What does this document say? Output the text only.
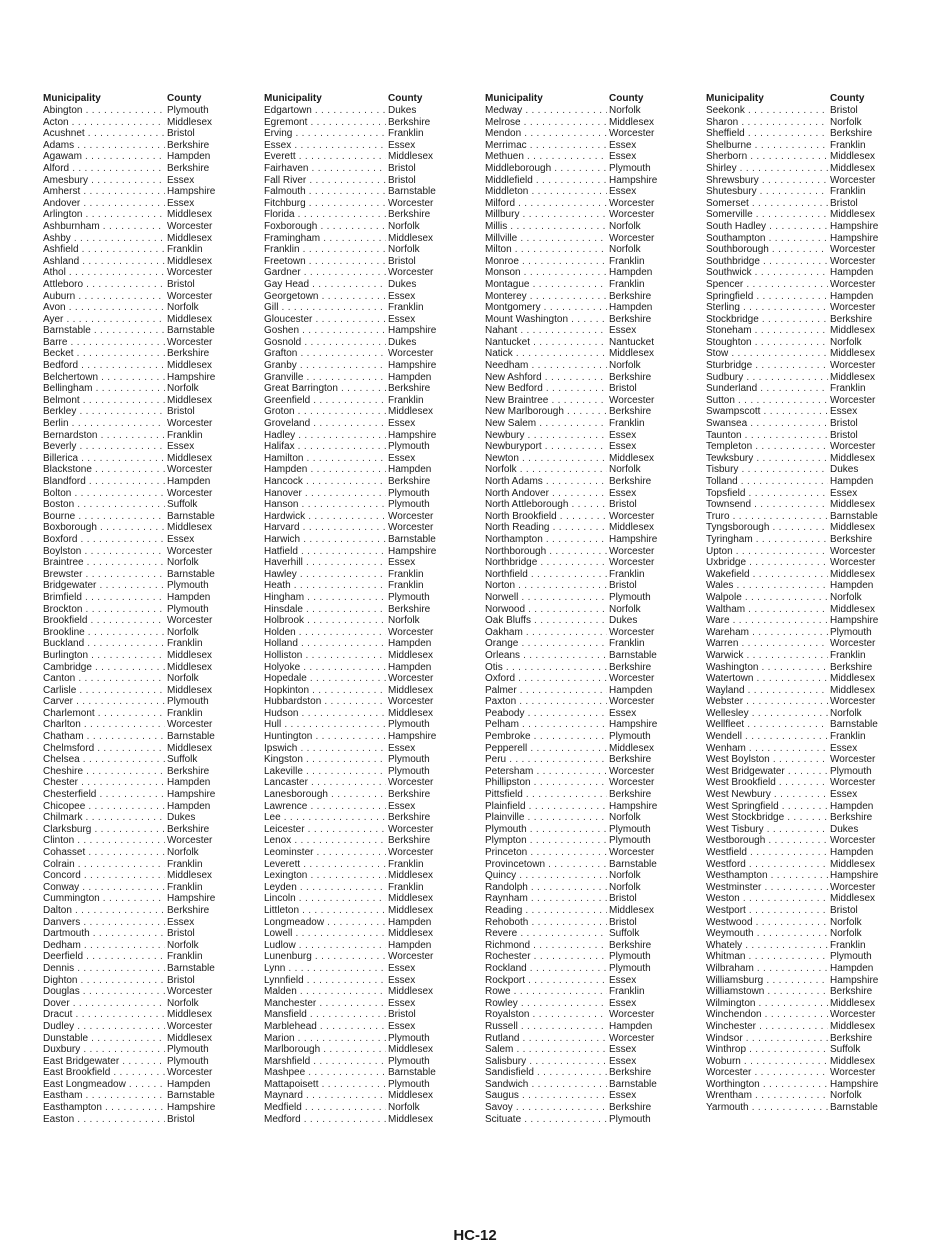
Municipality	County
Abington . . .	Plymouth
Acton . . .	Middlesex
Acushnet . . .	Bristol
Adams . . .	Berkshire
Agawam . . .	Hampden
Alford . . .	Berkshire
Amesbury . . .	Essex
Amherst . . .	Hampshire
Andover . . .	Essex
Arlington . . .	Middlesex
Ashburnham . . .	Worcester
Ashby . . .	Middlesex
Ashfield . . .	Franklin
Ashland . . .	Middlesex
Athol . . .	Worcester
Attleboro . . .	Bristol
Auburn . . .	Worcester
Avon . . .	Norfolk
Ayer . . .	Middlesex
Barnstable . . .	Barnstable
Barre . . .	Worcester
Becket . . .	Berkshire
Bedford . . .	Middlesex
Belchertown . . .	Hampshire
Bellingham . . .	Norfolk
Belmont . . .	Middlesex
Berkley . . .	Bristol
Berlin . . .	Worcester
Bernardston . . .	Franklin
Beverly . . .	Essex
Billerica . . .	Middlesex
Blackstone . . .	Worcester
Blandford . . .	Hampden
Bolton . . .	Worcester
Boston . . .	Suffolk
Bourne . . .	Barnstable
Boxborough . . .	Middlesex
Boxford . . .	Essex
Boylston . . .	Worcester
Braintree . . .	Norfolk
Brewster . . .	Barnstable
Bridgewater . . .	Plymouth
Brimfield . . .	Hampden
Brockton . . .	Plymouth
Brookfield . . .	Worcester
Brookline . . .	Norfolk
Buckland . . .	Franklin
Burlington . . .	Middlesex
Cambridge . . .	Middlesex
Canton . . .	Norfolk
Carlisle . . .	Middlesex
Carver . . .	Plymouth
Charlemont . . .	Franklin
Charlton . . .	Worcester
Chatham . . .	Barnstable
Chelmsford . . .	Middlesex
Chelsea . . .	Suffolk
Cheshire . . .	Berkshire
Chester . . .	Hampden
Chesterfield . . .	Hampshire
Chicopee . . .	Hampden
Chilmark . . .	Dukes
Clarksburg . . .	Berkshire
Clinton . . .	Worcester
Cohasset . . .	Norfolk
Colrain . . .	Franklin
Concord . . .	Middlesex
Conway . . .	Franklin
Cummington . . .	Hampshire
Dalton . . .	Berkshire
Danvers . . .	Essex
Dartmouth . . .	Bristol
Dedham . . .	Norfolk
Deerfield . . .	Franklin
Dennis . . .	Barnstable
Dighton . . .	Bristol
Douglas . . .	Worcester
Dover . . .	Norfolk
Dracut . . .	Middlesex
Dudley . . .	Worcester
Dunstable . . .	Middlesex
Duxbury . . .	Plymouth
East Bridgewater . . .	Plymouth
East Brookfield . . .	Worcester
East Longmeadow . . .	Hampden
Eastham . . .	Barnstable
Easthampton . . .	Hampshire
Easton . . .	Bristol
Municipality	County
Edgartown . . .	Dukes
Egremont . . .	Berkshire
Erving . . .	Franklin
Essex . . .	Essex
Everett . . .	Middlesex
Fairhaven . . .	Bristol
Fall River . . .	Bristol
Falmouth . . .	Barnstable
Fitchburg . . .	Worcester
Florida . . .	Berkshire
Foxborough . . .	Norfolk
Framingham . . .	Middlesex
Franklin . . .	Norfolk
Freetown . . .	Bristol
Gardner . . .	Worcester
Gay Head . . .	Dukes
Georgetown . . .	Essex
Gill . . .	Franklin
Gloucester . . .	Essex
Goshen . . .	Hampshire
Gosnold . . .	Dukes
Grafton . . .	Worcester
Granby . . .	Hampshire
Granville . . .	Hampden
Great Barrington . . .	Berkshire
Greenfield . . .	Franklin
Groton . . .	Middlesex
Groveland . . .	Essex
Hadley . . .	Hampshire
Halifax . . .	Plymouth
Hamilton . . .	Essex
Hampden . . .	Hampden
Hancock . . .	Berkshire
Hanover . . .	Plymouth
Hanson . . .	Plymouth
Hardwick . . .	Worcester
Harvard . . .	Worcester
Harwich . . .	Barnstable
Hatfield . . .	Hampshire
Haverhill . . .	Essex
Hawley . . .	Franklin
Heath . . .	Franklin
Hingham . . .	Plymouth
Hinsdale . . .	Berkshire
Holbrook . . .	Norfolk
Holden . . .	Worcester
Holland . . .	Hampden
Holliston . . .	Middlesex
Holyoke . . .	Hampden
Hopedale . . .	Worcester
Hopkinton . . .	Middlesex
Hubbardston . . .	Worcester
Hudson . . .	Middlesex
Hull . . .	Plymouth
Huntington . . .	Hampshire
Ipswich . . .	Essex
Kingston . . .	Plymouth
Lakeville . . .	Plymouth
Lancaster . . .	Worcester
Lanesborough . . .	Berkshire
Lawrence . . .	Essex
Lee . . .	Berkshire
Leicester . . .	Worcester
Lenox . . .	Berkshire
Leominster . . .	Worcester
Leverett . . .	Franklin
Lexington . . .	Middlesex
Leyden . . .	Franklin
Lincoln . . .	Middlesex
Littleton . . .	Middlesex
Longmeadow . . .	Hampden
Lowell . . .	Middlesex
Ludlow . . .	Hampden
Lunenburg . . .	Worcester
Lynn . . .	Essex
Lynnfield . . .	Essex
Malden . . .	Middlesex
Manchester . . .	Essex
Mansfield . . .	Bristol
Marblehead . . .	Essex
Marion . . .	Plymouth
Marlborough . . .	Middlesex
Marshfield . . .	Plymouth
Mashpee . . .	Barnstable
Mattapoisett . . .	Plymouth
Maynard . . .	Middlesex
Medfield . . .	Norfolk
Medford . . .	Middlesex
Municipality	County
Medway . . .	Norfolk
Melrose . . .	Middlesex
Mendon . . .	Worcester
Merrimac . . .	Essex
Methuen . . .	Essex
Middleborough . . .	Plymouth
Middlefield . . .	Hampshire
Middleton . . .	Essex
Milford . . .	Worcester
Millbury . . .	Worcester
Millis . . .	Norfolk
Millville . . .	Worcester
Milton . . .	Norfolk
Monroe . . .	Franklin
Monson . . .	Hampden
Montague . . .	Franklin
Monterey . . .	Berkshire
Montgomery . . .	Hampden
Mount Washington . . .	Berkshire
Nahant . . .	Essex
Nantucket . . .	Nantucket
Natick . . .	Middlesex
Needham . . .	Norfolk
New Ashford . . .	Berkshire
New Bedford . . .	Bristol
New Braintree . . .	Worcester
New Marlborough . . .	Berkshire
New Salem . . .	Franklin
Newbury . . .	Essex
Newburyport . . .	Essex
Newton . . .	Middlesex
Norfolk . . .	Norfolk
North Adams . . .	Berkshire
North Andover . . .	Essex
North Attleborough . . .	Bristol
North Brookfield . . .	Worcester
North Reading . . .	Middlesex
Northampton . . .	Hampshire
Northborough . . .	Worcester
Northbridge . . .	Worcester
Northfield . . .	Franklin
Norton . . .	Bristol
Norwell . . .	Plymouth
Norwood . . .	Norfolk
Oak Bluffs . . .	Dukes
Oakham . . .	Worcester
Orange . . .	Franklin
Orleans . . .	Barnstable
Otis . . .	Berkshire
Oxford . . .	Worcester
Palmer . . .	Hampden
Paxton . . .	Worcester
Peabody . . .	Essex
Pelham . . .	Hampshire
Pembroke . . .	Plymouth
Pepperell . . .	Middlesex
Peru . . .	Berkshire
Petersham . . .	Worcester
Phillipston . . .	Worcester
Pittsfield . . .	Berkshire
Plainfield . . .	Hampshire
Plainville . . .	Norfolk
Plymouth . . .	Plymouth
Plympton . . .	Plymouth
Princeton . . .	Worcester
Provincetown . . .	Barnstable
Quincy . . .	Norfolk
Randolph . . .	Norfolk
Raynham . . .	Bristol
Reading . . .	Middlesex
Rehoboth . . .	Bristol
Revere . . .	Suffolk
Richmond . . .	Berkshire
Rochester . . .	Plymouth
Rockland . . .	Plymouth
Rockport . . .	Essex
Rowe . . .	Franklin
Rowley . . .	Essex
Royalston . . .	Worcester
Russell . . .	Hampden
Rutland . . .	Worcester
Salem . . .	Essex
Salisbury . . .	Essex
Sandisfield . . .	Berkshire
Sandwich . . .	Barnstable
Saugus . . .	Essex
Savoy . . .	Berkshire
Scituate . . .	Plymouth
Municipality	County
Seekonk . . .	Bristol
Sharon . . .	Norfolk
Sheffield . . .	Berkshire
Shelburne . . .	Franklin
Sherborn . . .	Middlesex
Shirley . . .	Middlesex
Shrewsbury . . .	Worcester
Shutesbury . . .	Franklin
Somerset . . .	Bristol
Somerville . . .	Middlesex
South Hadley . . .	Hampshire
Southampton . . .	Hampshire
Southborough . . .	Worcester
Southbridge . . .	Worcester
Southwick . . .	Hampden
Spencer . . .	Worcester
Springfield . . .	Hampden
Sterling . . .	Worcester
Stockbridge . . .	Berkshire
Stoneham . . .	Middlesex
Stoughton . . .	Norfolk
Stow . . .	Middlesex
Sturbridge . . .	Worcester
Sudbury . . .	Middlesex
Sunderland . . .	Franklin
Sutton . . .	Worcester
Swampscott . . .	Essex
Swansea . . .	Bristol
Taunton . . .	Bristol
Templeton . . .	Worcester
Tewksbury . . .	Middlesex
Tisbury . . .	Dukes
Tolland . . .	Hampden
Topsfield . . .	Essex
Townsend . . .	Middlesex
Truro . . .	Barnstable
Tyngsborough . . .	Middlesex
Tyringham . . .	Berkshire
Upton . . .	Worcester
Uxbridge . . .	Worcester
Wakefield . . .	Middlesex
Wales . . .	Hampden
Walpole . . .	Norfolk
Waltham . . .	Middlesex
Ware . . .	Hampshire
Wareham . . .	Plymouth
Warren . . .	Worcester
Warwick . . .	Franklin
Washington . . .	Berkshire
Watertown . . .	Middlesex
Wayland . . .	Middlesex
Webster . . .	Worcester
Wellesley . . .	Norfolk
Wellfleet . . .	Barnstable
Wendell . . .	Franklin
Wenham . . .	Essex
West Boylston . . .	Worcester
West Bridgewater . . .	Plymouth
West Brookfield . . .	Worcester
West Newbury . . .	Essex
West Springfield . . .	Hampden
West Stockbridge . . .	Berkshire
West Tisbury . . .	Dukes
Westborough . . .	Worcester
Westfield . . .	Hampden
Westford . . .	Middlesex
Westhampton . . .	Hampshire
Westminster . . .	Worcester
Weston . . .	Middlesex
Westport . . .	Bristol
Westwood . . .	Norfolk
Weymouth . . .	Norfolk
Whately . . .	Franklin
Whitman . . .	Plymouth
Wilbraham . . .	Hampden
Williamsburg . . .	Hampshire
Williamstown . . .	Berkshire
Wilmington . . .	Middlesex
Winchendon . . .	Worcester
Winchester . . .	Middlesex
Windsor . . .	Berkshire
Winthrop . . .	Suffolk
Woburn . . .	Middlesex
Worcester . . .	Worcester
Worthington . . .	Hampshire
Wrentham . . .	Norfolk
Yarmouth . . .	Barnstable
HC-12
